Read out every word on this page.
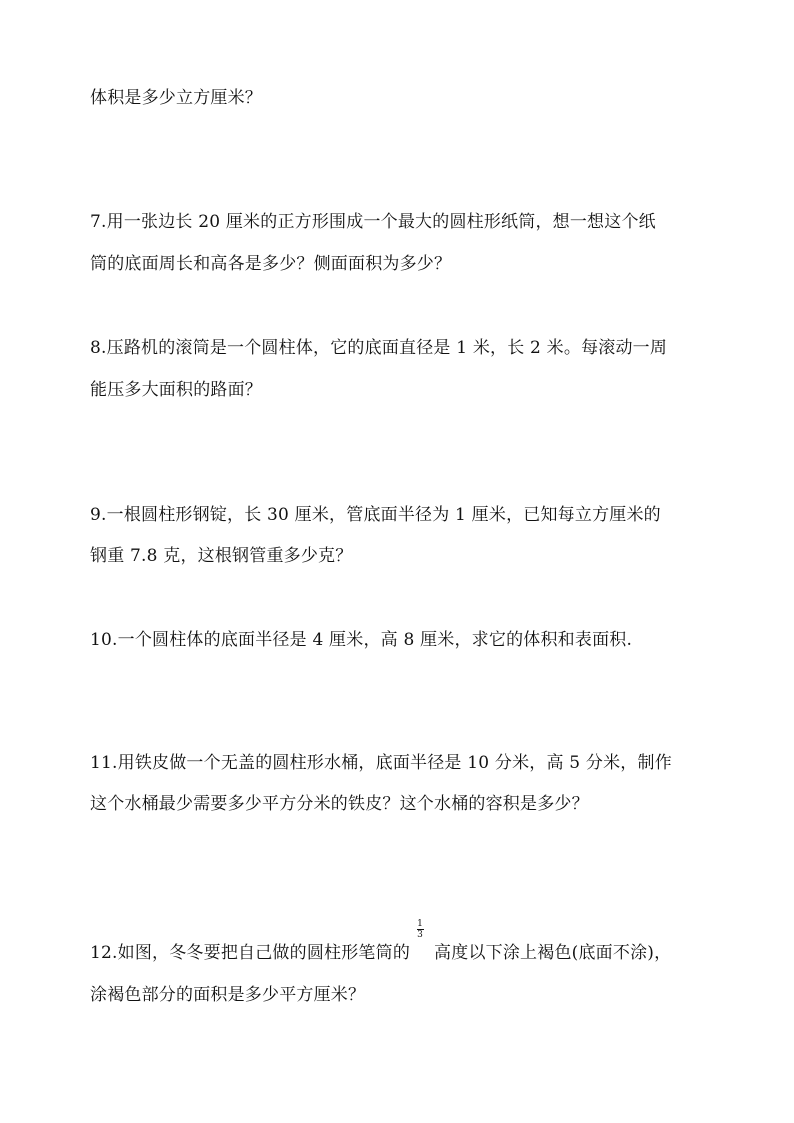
体积是多少立方厘米？
7.用一张边长 20 厘米的正方形围成一个最大的圆柱形纸筒，想一想这个纸
筒的底面周长和高各是多少？侧面面积为多少？
8.压路机的滚筒是一个圆柱体，它的底面直径是 1 米，长 2 米。每滚动一周
能压多大面积的路面？
9.一根圆柱形钢锭，长 30 厘米，管底面半径为 1 厘米，已知每立方厘米的
钢重 7.8 克，这根钢管重多少克？
10.一个圆柱体的底面半径是 4 厘米，高 8 厘米，求它的体积和表面积.
11.用铁皮做一个无盖的圆柱形水桶，底面半径是 10 分米，高 5 分米，制作
这个水桶最少需要多少平方分米的铁皮？这个水桶的容积是多少？
12.如图，冬冬要把自己做的圆柱形笔筒的
$\frac{1}{3}$
高度以下涂上褐色(底面不涂)，
涂褐色部分的面积是多少平方厘米？
